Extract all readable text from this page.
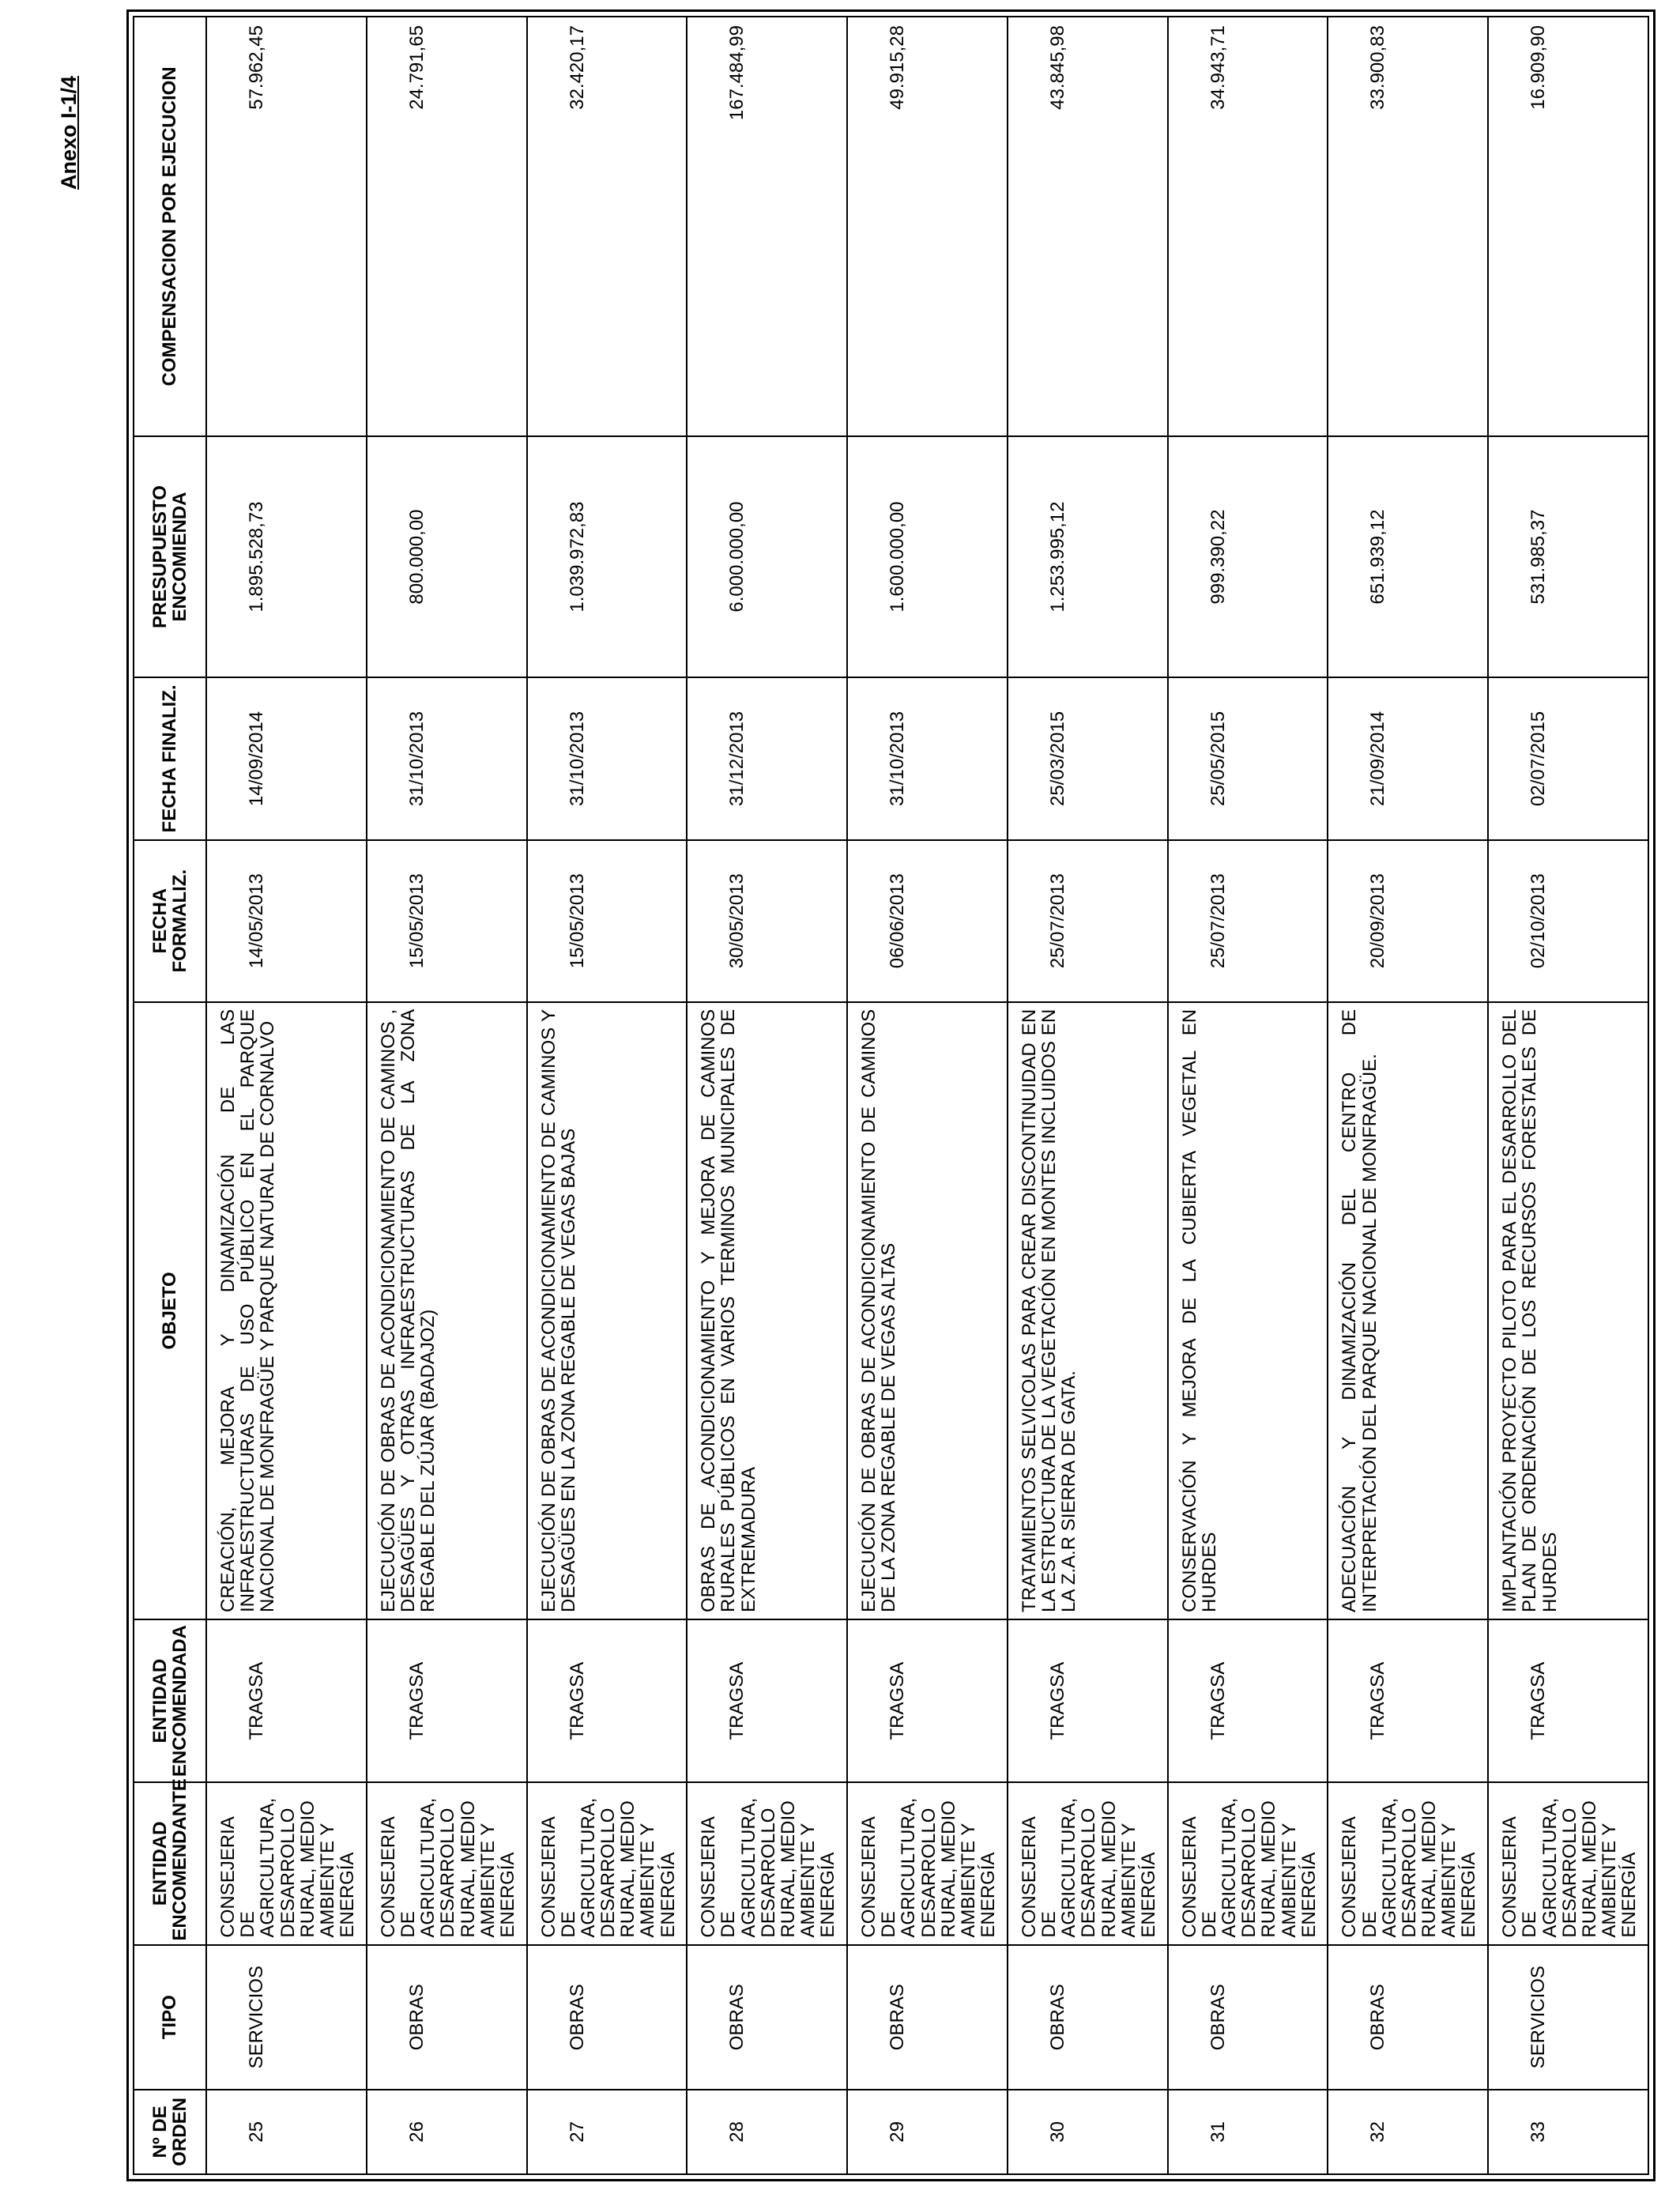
Anexo I-1/4
Nº DE ORDEN	TIPO	ENTIDAD ENCOMENDANTE	ENTIDAD ENCOMENDADA	OBJETO	FECHA FORMALIZ.	FECHA FINALIZ.	PRESUPUESTO ENCOMIENDA	COMPENSACION POR EJECUCION
25	SERVICIOS	CONSEJERIA DE AGRICULTURA, DESARROLLO RURAL, MEDIO AMBIENTE Y ENERGÍA	TRAGSA	CREACIÓN, MEJORA Y DINAMIZACIÓN DE LAS INFRAESTRUCTURAS DE USO PÚBLICO EN EL PARQUE NACIONAL DE MONFRAGÜE Y PARQUE NATURAL DE CORNALVO	14/05/2013	14/09/2014	1.895.528,73	57.962,45
26	OBRAS	CONSEJERIA DE AGRICULTURA, DESARROLLO RURAL, MEDIO AMBIENTE Y ENERGÍA	TRAGSA	EJECUCIÓN DE OBRAS DE ACONDICIONAMIENTO DE CAMINOS , DESAGÜES Y OTRAS INFRAESTRUCTURAS DE LA ZONA REGABLE DEL ZÚJAR (BADAJOZ)	15/05/2013	31/10/2013	800.000,00	24.791,65
27	OBRAS	CONSEJERIA DE AGRICULTURA, DESARROLLO RURAL, MEDIO AMBIENTE Y ENERGÍA	TRAGSA	EJECUCIÓN DE OBRAS DE ACONDICIONAMIENTO DE CAMINOS Y DESAGÜES EN LA ZONA REGABLE DE VEGAS BAJAS	15/05/2013	31/10/2013	1.039.972,83	32.420,17
28	OBRAS	CONSEJERIA DE AGRICULTURA, DESARROLLO RURAL, MEDIO AMBIENTE Y ENERGÍA	TRAGSA	OBRAS DE ACONDICIONAMIENTO Y MEJORA DE CAMINOS RURALES PÚBLICOS EN VARIOS TERMINOS MUNICIPALES DE EXTREMADURA	30/05/2013	31/12/2013	6.000.000,00	167.484,99
29	OBRAS	CONSEJERIA DE AGRICULTURA, DESARROLLO RURAL, MEDIO AMBIENTE Y ENERGÍA	TRAGSA	EJECUCIÓN DE OBRAS DE ACONDICIONAMIENTO DE CAMINOS DE LA ZONA REGABLE DE VEGAS ALTAS	06/06/2013	31/10/2013	1.600.000,00	49.915,28
30	OBRAS	CONSEJERIA DE AGRICULTURA, DESARROLLO RURAL, MEDIO AMBIENTE Y ENERGÍA	TRAGSA	TRATAMIENTOS SELVICOLAS PARA CREAR DISCONTINUIDAD EN LA ESTRUCTURA DE LA VEGETACIÓN EN MONTES INCLUIDOS EN LA Z.A.R SIERRA DE GATA.	25/07/2013	25/03/2015	1.253.995,12	43.845,98
31	OBRAS	CONSEJERIA DE AGRICULTURA, DESARROLLO RURAL, MEDIO AMBIENTE Y ENERGÍA	TRAGSA	CONSERVACIÓN Y MEJORA DE LA CUBIERTA VEGETAL EN HURDES	25/07/2013	25/05/2015	999.390,22	34.943,71
32	OBRAS	CONSEJERIA DE AGRICULTURA, DESARROLLO RURAL, MEDIO AMBIENTE Y ENERGÍA	TRAGSA	ADECUACIÓN Y DINAMIZACIÓN DEL CENTRO DE INTERPRETACIÓN DEL PARQUE NACIONAL DE MONFRAGÜE.	20/09/2013	21/09/2014	651.939,12	33.900,83
33	SERVICIOS	CONSEJERIA DE AGRICULTURA, DESARROLLO RURAL, MEDIO AMBIENTE Y ENERGÍA	TRAGSA	IMPLANTACIÓN PROYECTO PILOTO PARA EL DESARROLLO DEL PLAN DE ORDENACIÓN DE LOS RECURSOS FORESTALES DE HURDES	02/10/2013	02/07/2015	531.985,37	16.909,90
